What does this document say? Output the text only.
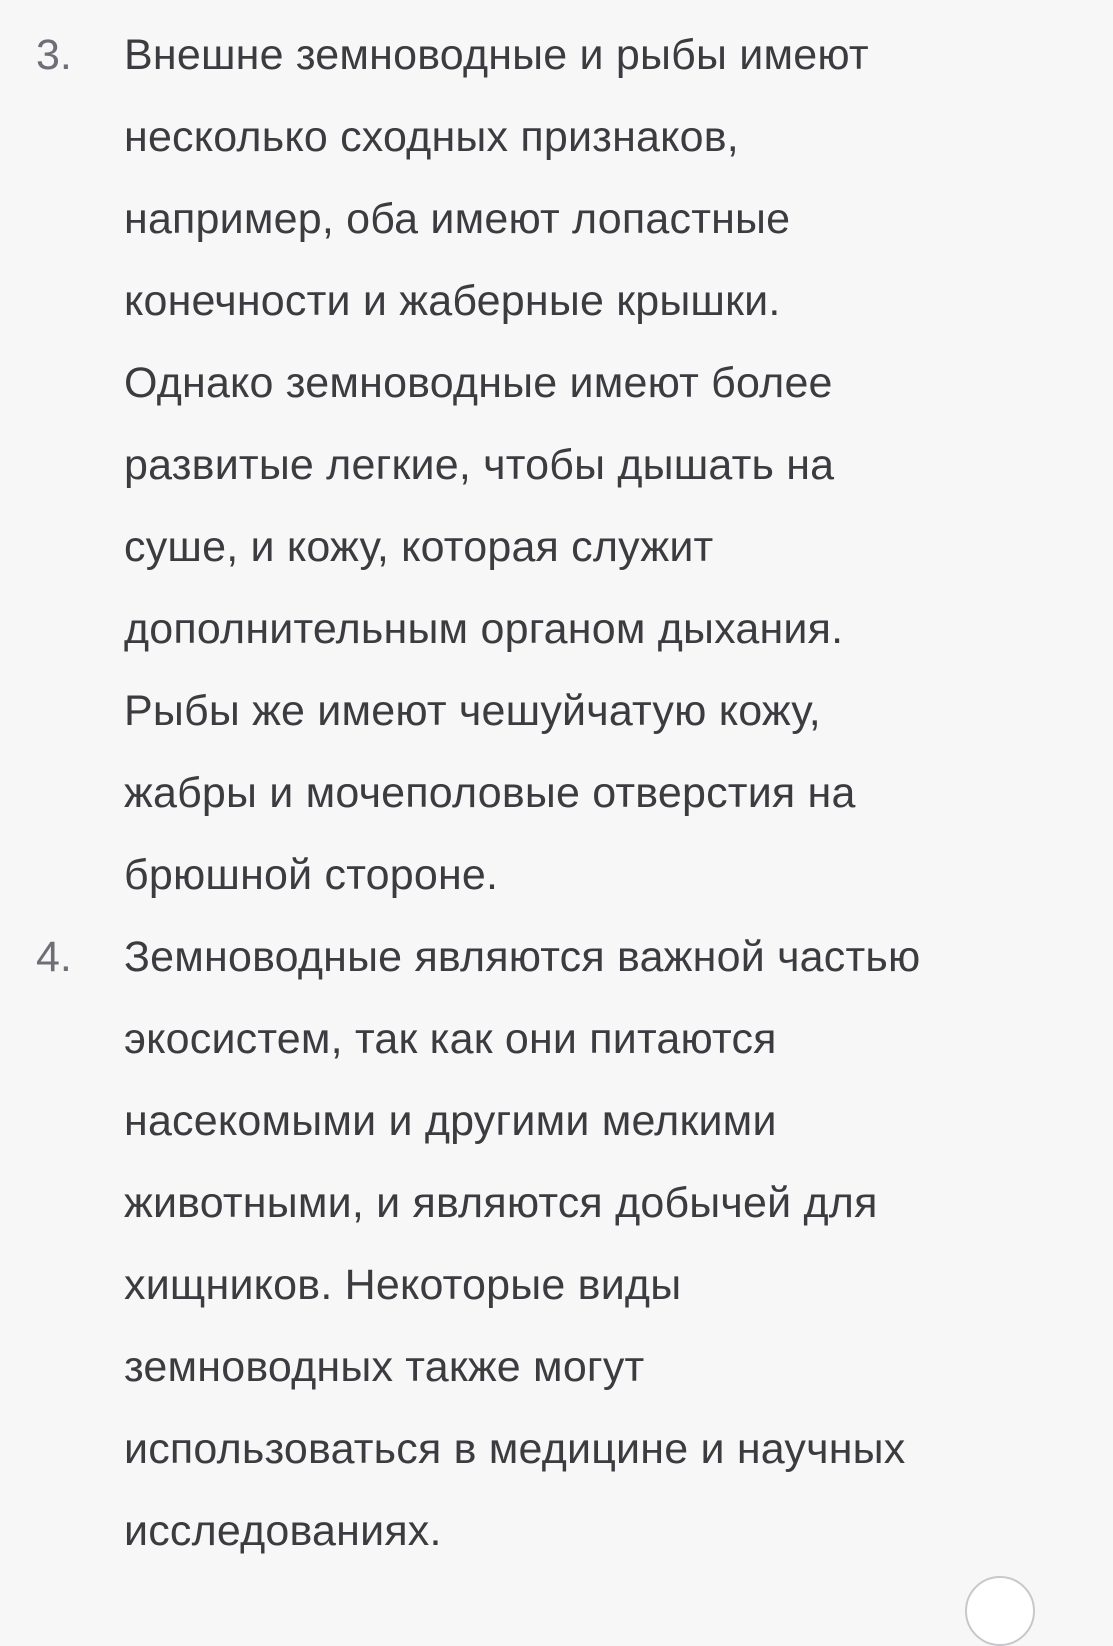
3. Внешне земноводные и рыбы имеют
несколько сходных признаков,
например, оба имеют лопастные
конечности и жаберные крышки.
Однако земноводные имеют более
развитые легкие, чтобы дышать на
суше, и кожу, которая служит
дополнительным органом дыхания.
Рыбы же имеют чешуйчатую кожу,
жабры и мочеполовые отверстия на
брюшной стороне.
4. Земноводные являются важной частью
экосистем, так как они питаются
насекомыми и другими мелкими
животными, и являются добычей для
хищников. Некоторые виды
земноводных также могут
использоваться в медицине и научных
исследованиях.
